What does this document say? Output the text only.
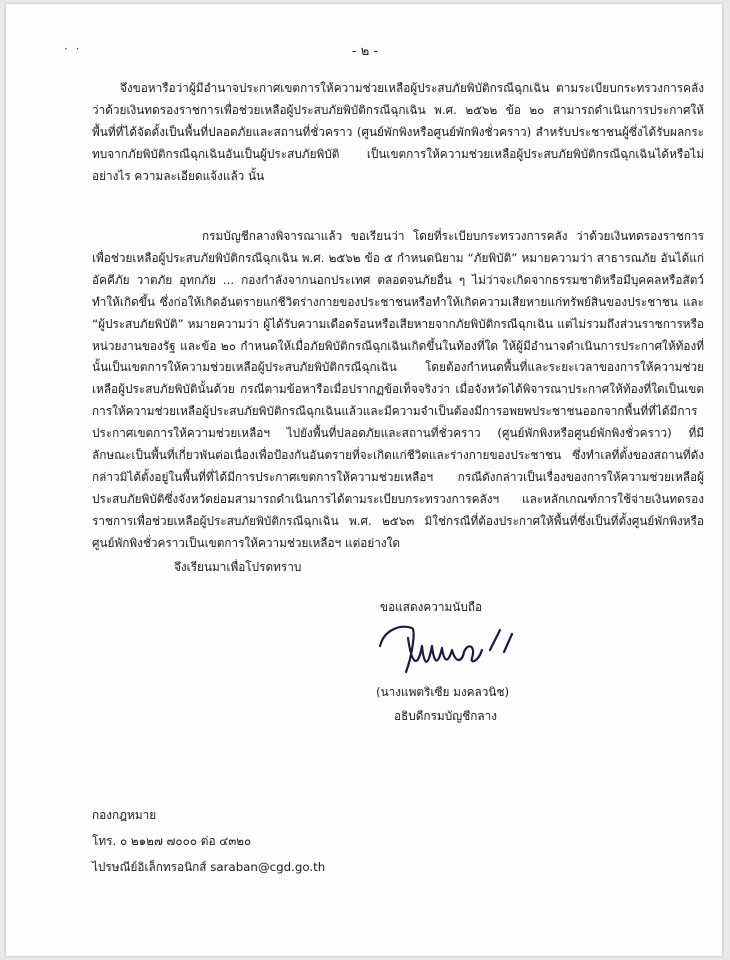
· ·	- ๒ -

จึงขอหารือว่าผู้มีอำนาจประกาศเขตการให้ความช่วยเหลือผู้ประสบภัยพิบัติกรณีฉุกเฉิน ตามระเบียบกระทรวงการคลัง ว่าด้วยเงินทดรองราชการเพื่อช่วยเหลือผู้ประสบภัยพิบัติกรณีฉุกเฉิน พ.ศ. ๒๕๖๒ ข้อ ๒๐ สามารถดำเนินการประกาศให้พื้นที่ที่ได้จัดตั้งเป็นพื้นที่ปลอดภัยและสถานที่ชั่วคราว (ศูนย์พักพิงหรือศูนย์พักพิงชั่วคราว) สำหรับประชาชนผู้ซึ่งได้รับผลกระทบจากภัยพิบัติกรณีฉุกเฉินอันเป็นผู้ประสบภัยพิบัติ เป็นเขตการให้ความช่วยเหลือผู้ประสบภัยพิบัติกรณีฉุกเฉินได้หรือไม่ อย่างไร ความละเอียดแจ้งแล้ว นั้น

กรมบัญชีกลางพิจารณาแล้ว ขอเรียนว่า โดยที่ระเบียบกระทรวงการคลัง ว่าด้วยเงินทดรองราชการเพื่อช่วยเหลือผู้ประสบภัยพิบัติกรณีฉุกเฉิน พ.ศ. ๒๕๖๒ ข้อ ๕ กำหนดนิยาม “ภัยพิบัติ” หมายความว่า สาธารณภัย อันได้แก่ อัคคีภัย วาตภัย อุทกภัย ... กองกำลังจากนอกประเทศ ตลอดจนภัยอื่น ๆ ไม่ว่าจะเกิดจากธรรมชาติหรือมีบุคคลหรือสัตว์ทำให้เกิดขึ้น ซึ่งก่อให้เกิดอันตรายแก่ชีวิตร่างกายของประชาชนหรือทำให้เกิดความเสียหายแก่ทรัพย์สินของประชาชน และ “ผู้ประสบภัยพิบัติ” หมายความว่า ผู้ได้รับความเดือดร้อนหรือเสียหายจากภัยพิบัติกรณีฉุกเฉิน แต่ไม่รวมถึงส่วนราชการหรือหน่วยงานของรัฐ และข้อ ๒๐ กำหนดให้เมื่อภัยพิบัติกรณีฉุกเฉินเกิดขึ้นในท้องที่ใด ให้ผู้มีอำนาจดำเนินการประกาศให้ท้องที่นั้นเป็นเขตการให้ความช่วยเหลือผู้ประสบภัยพิบัติกรณีฉุกเฉิน โดยต้องกำหนดพื้นที่และระยะเวลาของการให้ความช่วยเหลือผู้ประสบภัยพิบัตินั้นด้วย กรณีตามข้อหารือเมื่อปรากฏข้อเท็จจริงว่า เมื่อจังหวัดได้พิจารณาประกาศให้ท้องที่ใดเป็นเขตการให้ความช่วยเหลือผู้ประสบภัยพิบัติกรณีฉุกเฉินแล้วและมีความจำเป็นต้องมีการอพยพประชาชนออกจากพื้นที่ที่ได้มีการประกาศเขตการให้ความช่วยเหลือฯ ไปยังพื้นที่ปลอดภัยและสถานที่ชั่วคราว (ศูนย์พักพิงหรือศูนย์พักพิงชั่วคราว) ที่มีลักษณะเป็นพื้นที่เกี่ยวพันต่อเนื่องเพื่อป้องกันอันตรายที่จะเกิดแก่ชีวิตและร่างกายของประชาชน ซึ่งทำเลที่ตั้งของสถานที่ดังกล่าวมิได้ตั้งอยู่ในพื้นที่ที่ได้มีการประกาศเขตการให้ความช่วยเหลือฯ กรณีดังกล่าวเป็นเรื่องของการให้ความช่วยเหลือผู้ประสบภัยพิบัติซึ่งจังหวัดย่อมสามารถดำเนินการได้ตามระเบียบกระทรวงการคลังฯ และหลักเกณฑ์การใช้จ่ายเงินทดรองราชการเพื่อช่วยเหลือผู้ประสบภัยพิบัติกรณีฉุกเฉิน พ.ศ. ๒๕๖๓ มิใช่กรณีที่ต้องประกาศให้พื้นที่ซึ่งเป็นที่ตั้งศูนย์พักพิงหรือศูนย์พักพิงชั่วคราวเป็นเขตการให้ความช่วยเหลือฯ แต่อย่างใด

จึงเรียนมาเพื่อโปรดทราบ

ขอแสดงความนับถือ
(นางแพตริเซีย มงคลวนิช)
อธิบดีกรมบัญชีกลาง
กองกฎหมาย
โทร. ๐ ๒๑๒๗ ๗๐๐๐ ต่อ ๔๓๒๐
ไปรษณีย์อิเล็กทรอนิกส์ saraban@cgd.go.th
